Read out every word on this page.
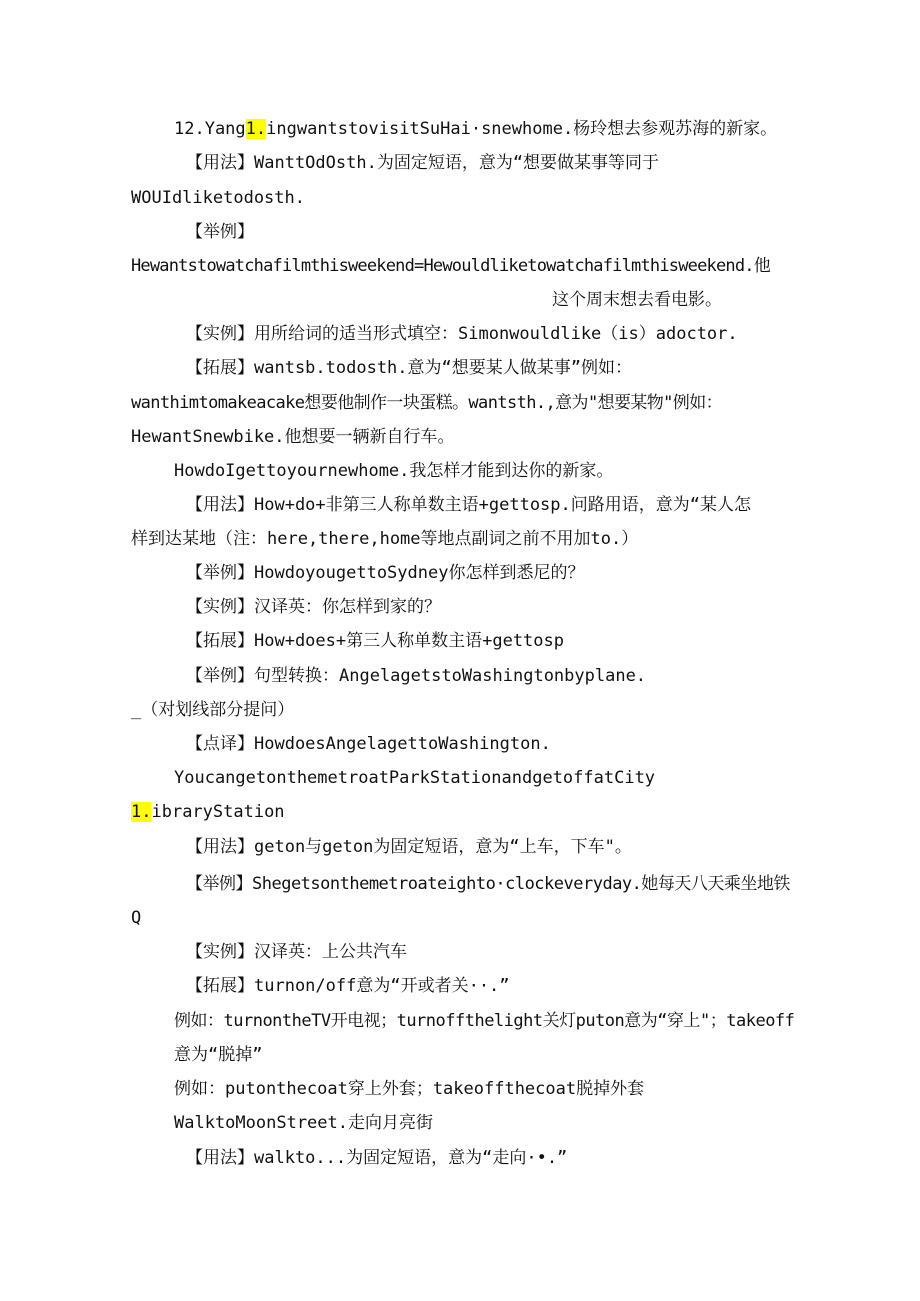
12.Yang1.ingwantstovisitSuHai·snewhome.杨玲想去参观苏海的新家。
【用法】WanttOdOsth.为固定短语，意为“想要做某事等同于
WOUIdliketodosth.
【举例】
Hewantstowatchafilmthisweekend=Hewouldliketowatchafilmthisweekend.他
这个周末想去看电影。
【实例】用所给词的适当形式填空：Simonwouldlike（is）adoctor.
【拓展】wantsb.todosth.意为“想要某人做某事”例如：
wanthimtomakeacake想要他制作一块蛋糕。wantsth.,意为"想要某物"例如：
HewantSnewbike.他想要一辆新自行车。
HowdoIgettoyournewhome.我怎样才能到达你的新家。
【用法】How+do+非第三人称单数主语+gettosp.问路用语，意为“某人怎
样到达某地（注：here,there,home等地点副词之前不用加to.）
【举例】HowdoyougettoSydney你怎样到悉尼的？
【实例】汉译英：你怎样到家的？
【拓展】How+does+第三人称单数主语+gettosp
【举例】句型转换：AngelagetstoWashingtonbyplane.
_（对划线部分提问）
【点译】HowdoesAngelagettoWashington.
YoucangetonthemetroatParkStationandgetoffatCity
1.ibraryStation
【用法】geton与geton为固定短语，意为“上车，下车"。
【举例】Shegetsonthemetroateighto·clockeveryday.她每天八天乘坐地铁
Q
【实例】汉译英：上公共汽车
【拓展】turnon/off意为“开或者关··.”
例如：turnontheTV开电视；turnoffthelight关灯puton意为“穿上"；takeoff
意为“脱掉”
例如：putonthecoat穿上外套；takeoffthecoat脱掉外套
WalktoMoonStreet.走向月亮街
【用法】walkto...为固定短语，意为“走向·•.”
